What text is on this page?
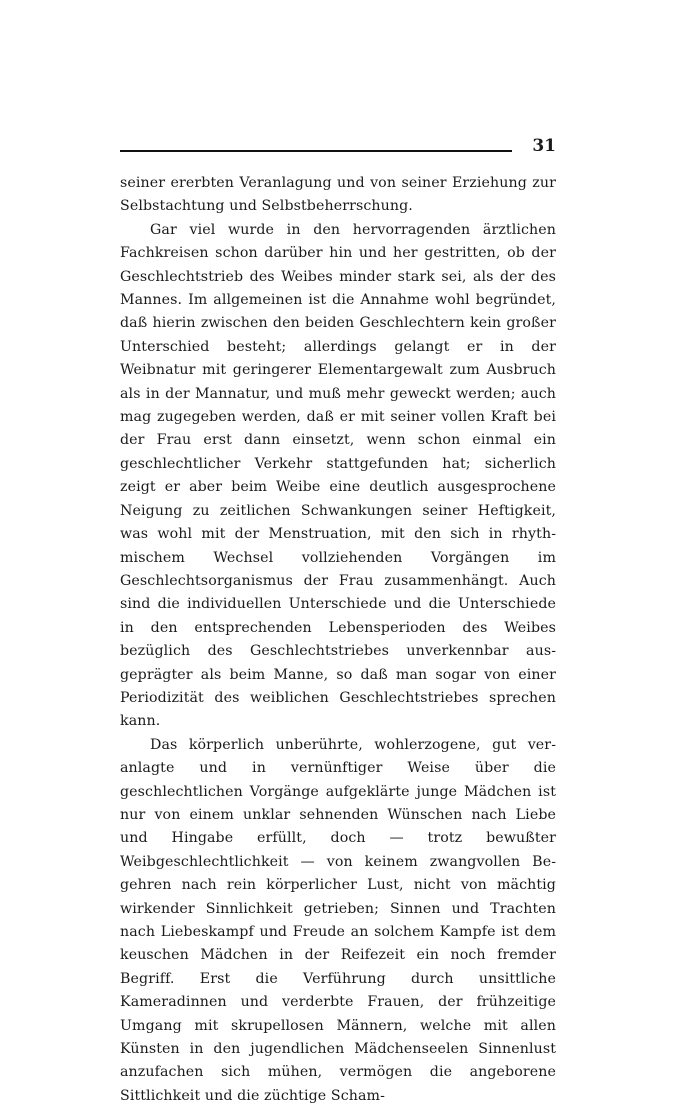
31

seiner ererbten Veranlagung und von seiner Erziehung zur Selbstachtung und Selbstbeherrschung.

Gar viel wurde in den hervorragenden ärztlichen Fachkreisen schon darüber hin und her gestritten, ob der Geschlechtstrieb des Weibes minder stark sei, als der des Mannes. Im allgemeinen ist die Annahme wohl begründet, daß hierin zwischen den beiden Geschlechtern kein großer Unterschied besteht; allerdings gelangt er in der Weibnatur mit geringerer Elementargewalt zum Ausbruch als in der Mannatur, und muß mehr geweckt werden; auch mag zugegeben werden, daß er mit seiner vollen Kraft bei der Frau erst dann einsetzt, wenn schon einmal ein geschlechtlicher Verkehr stattgefunden hat; sicherlich zeigt er aber beim Weibe eine deutlich ausgesprochene Neigung zu zeitlichen Schwankungen seiner Heftigkeit, was wohl mit der Menstruation, mit den sich in rhythmischem Wechsel vollziehenden Vorgängen im Geschlechtsorganismus der Frau zusammenhängt. Auch sind die individuellen Unterschiede und die Unterschiede in den entsprechenden Lebensperioden des Weibes bezüglich des Geschlechtstriebes unverkennbar ausgeprägter als beim Manne, so daß man sogar von einer Periodizität des weiblichen Geschlechtstriebes sprechen kann.

Das körperlich unberührte, wohlerzogene, gut veranlagte und in vernünftiger Weise über die geschlechtlichen Vorgänge aufgeklärte junge Mädchen ist nur von einem unklar sehnenden Wünschen nach Liebe und Hingabe erfüllt, doch — trotz bewußter Weibgeschlechtlichkeit — von keinem zwangvollen Begehren nach rein körperlicher Lust, nicht von mächtig wirkender Sinnlichkeit getrieben; Sinnen und Trachten nach Liebeskampf und Freude an solchem Kampfe ist dem keuschen Mädchen in der Reifezeit ein noch fremder Begriff. Erst die Verführung durch unsittliche Kameradinnen und verderbte Frauen, der frühzeitige Umgang mit skrupellosen Männern, welche mit allen Künsten in den jugendlichen Mädchenseelen Sinnenlust anzufachen sich mühen, vermögen die angeborene Sittlichkeit und die züchtige Scham-
